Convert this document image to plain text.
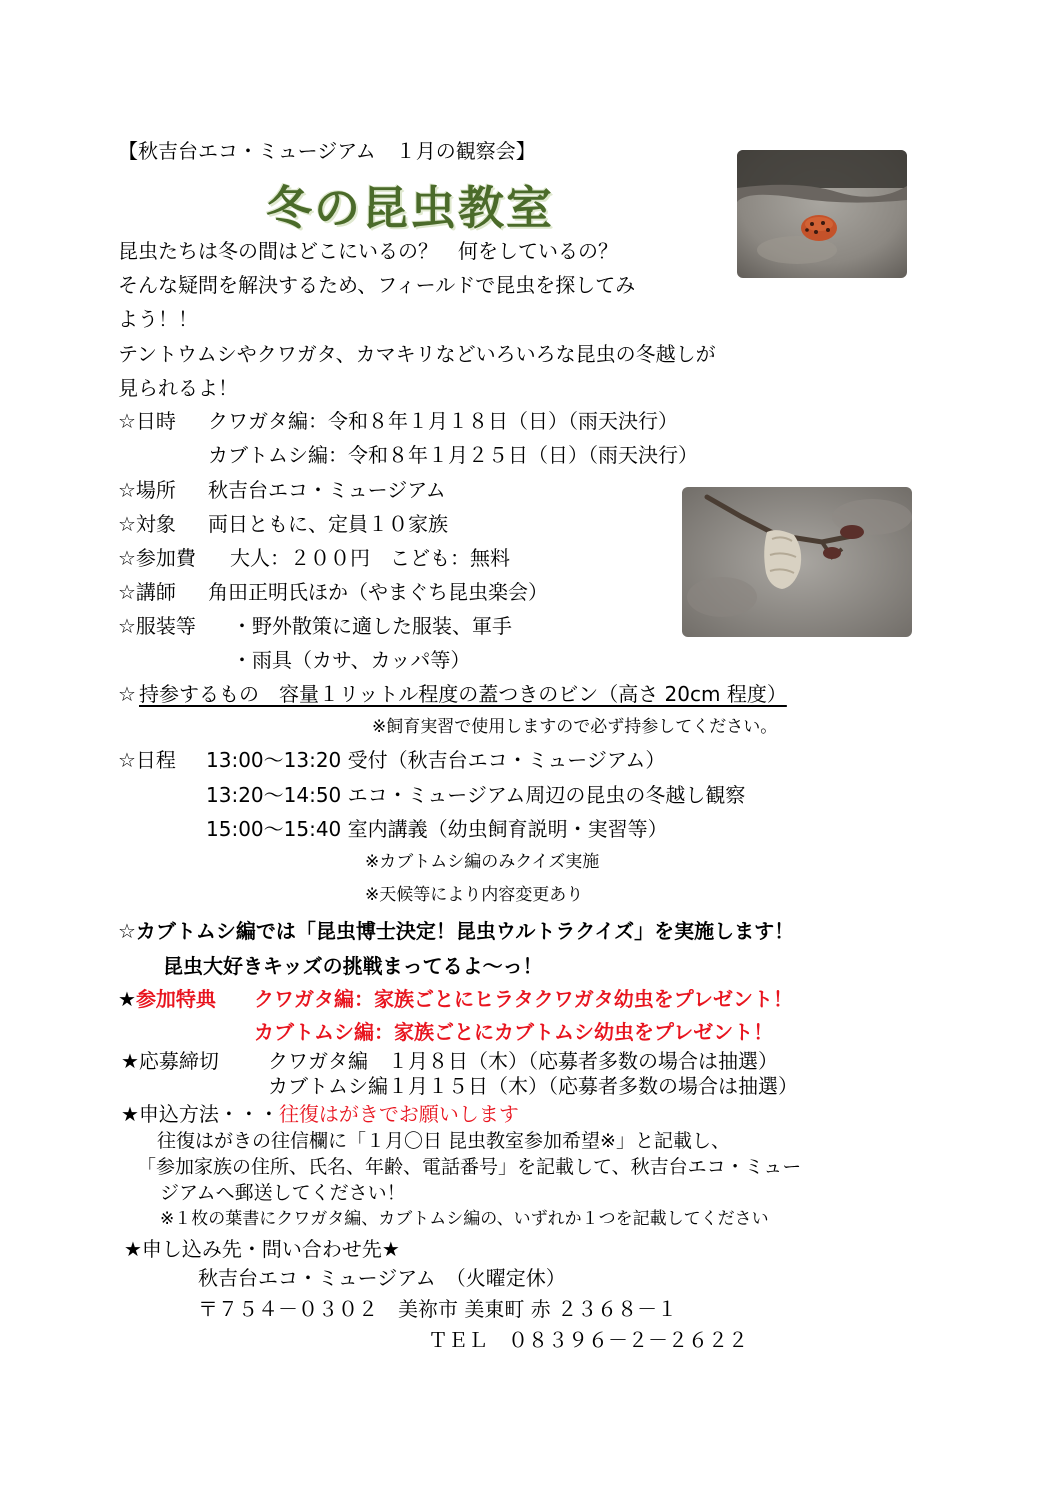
【秋吉台エコ・ミュージアム　１月の観察会】
冬の昆虫教室
昆虫たちは冬の間はどこにいるの？　何をしているの？
そんな疑問を解決するため、フィールドで昆虫を探してみ
よう！！
テントウムシやクワガタ、カマキリなどいろいろな昆虫の冬越しが
見られるよ！
☆日時 クワガタ編：令和８年１月１８日（日）（雨天決行）
カブトムシ編：令和８年１月２５日（日）（雨天決行）
☆場所 秋吉台エコ・ミュージアム
☆対象 両日ともに、定員１０家族
☆参加費 大人：２００円　こども：無料
☆講師 角田正明氏ほか（やまぐち昆虫楽会）
☆服装等 ・野外散策に適した服装、軍手
・雨具（カサ、カッパ等）
☆ 持参するもの　容量１リットル程度の蓋つきのビン（高さ 20cm 程度）
※飼育実習で使用しますので必ず持参してください。
☆日程 13:00～13:20 受付（秋吉台エコ・ミュージアム）
13:20～14:50 エコ・ミュージアム周辺の昆虫の冬越し観察
15:00～15:40 室内講義（幼虫飼育説明・実習等）
※カブトムシ編のみクイズ実施
※天候等により内容変更あり
☆カブトムシ編では「昆虫博士決定！昆虫ウルトラクイズ」を実施します！
昆虫大好きキッズの挑戦まってるよ～っ！
★参加特典 クワガタ編：家族ごとにヒラタクワガタ幼虫をプレゼント！
カブトムシ編：家族ごとにカブトムシ幼虫をプレゼント！
★応募締切 クワガタ編　１月８日（木）（応募者多数の場合は抽選）
カブトムシ編１月１５日（木）（応募者多数の場合は抽選）
★申込方法・・・往復はがきでお願いします
往復はがきの往信欄に「１月〇日 昆虫教室参加希望※」と記載し、
「参加家族の住所、氏名、年齢、電話番号」を記載して、秋吉台エコ・ミュー
ジアムへ郵送してください！
※１枚の葉書にクワガタ編、カブトムシ編の、いずれか１つを記載してください
★申し込み先・問い合わせ先★
秋吉台エコ・ミュージアム　（火曜定休）
〒７５４－０３０２　美祢市 美東町 赤 ２３６８－１
ＴＥＬ　０８３９６－２－２６２２
